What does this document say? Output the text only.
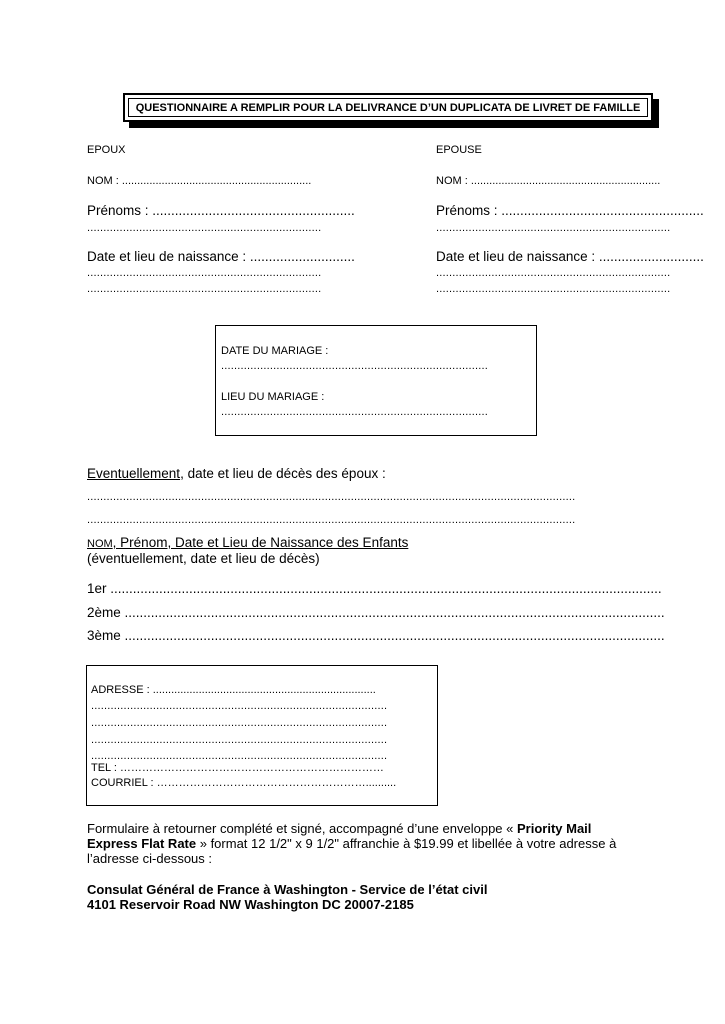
QUESTIONNAIRE A REMPLIR POUR LA DELIVRANCE D’UN DUPLICATA DE LIVRET DE FAMILLE
EPOUX
NOM : ..............................................................
Prénoms : ......................................................
........................................................................
Date et lieu de naissance : ............................
........................................................................
........................................................................
EPOUSE
NOM : ..............................................................
Prénoms : ......................................................
........................................................................
Date et lieu de naissance : ............................
........................................................................
........................................................................
DATE DU MARIAGE :
..................................................................................
LIEU DU MARIAGE :
..................................................................................
Eventuellement, date et lieu de décès des époux :
......................................................................................................................................................
......................................................................................................................................................
NOM, Prénom, Date et Lieu de Naissance des Enfants
(éventuellement, date et lieu de décès)
1er ...................................................................................................................................................
2ème ................................................................................................................................................
3ème ................................................................................................................................................
ADRESSE : .........................................................................
...........................................................................................
...........................................................................................
...........................................................................................
...........................................................................................
TEL : ………………………………………………………………
COURRIEL : …………………………………………………..........
Formulaire à retourner complété et signé, accompagné d’une enveloppe « Priority Mail
Express Flat Rate » format 12 1/2" x 9 1/2" affranchie à $19.99 et libellée à votre adresse à
l’adresse ci-dessous :
Consulat Général de France à Washington - Service de l’état civil
4101 Reservoir Road NW Washington DC 20007-2185
